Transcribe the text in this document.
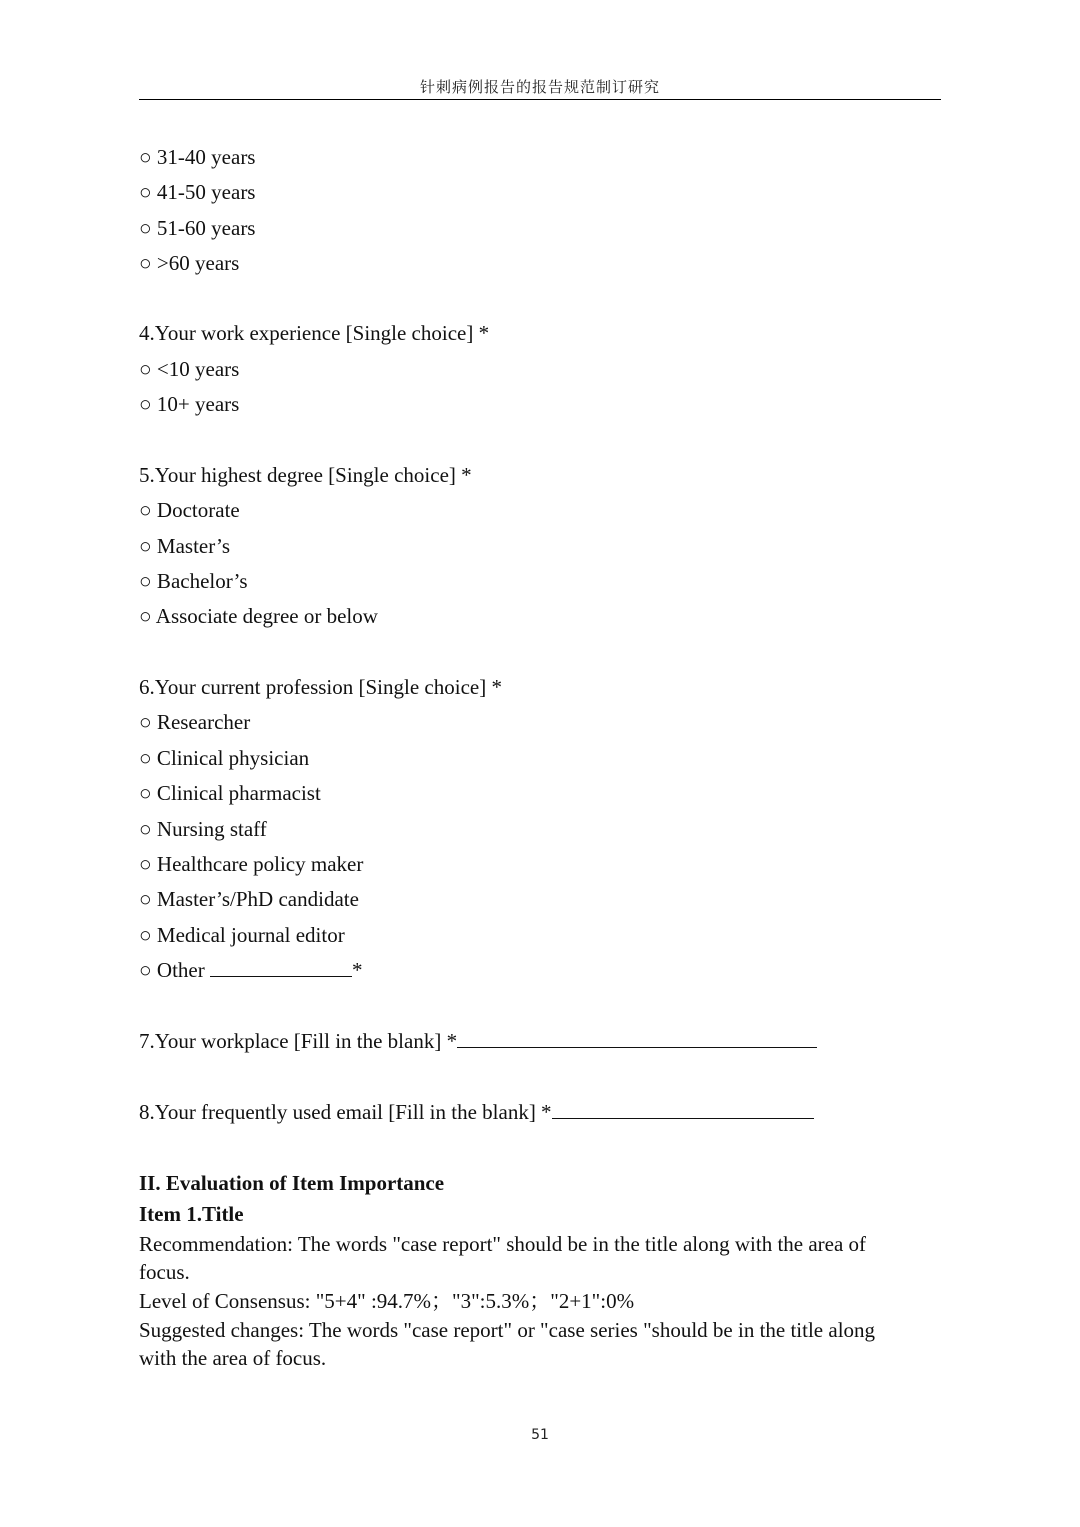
针刺病例报告的报告规范制订研究
○ 31-40 years
○ 41-50 years
○ 51-60 years
○ >60 years
4.Your work experience [Single choice] *
○ <10 years
○ 10+ years
5.Your highest degree [Single choice] *
○ Doctorate
○ Master’s
○ Bachelor’s
○ Associate degree or below
6.Your current profession [Single choice] *
○ Researcher
○ Clinical physician
○ Clinical pharmacist
○ Nursing staff
○ Healthcare policy maker
○ Master’s/PhD candidate
○ Medical journal editor
○ Other	*
7.Your workplace [Fill in the blank] *
8.Your frequently used email [Fill in the blank] *
II. Evaluation of Item Importance
Item 1.Title
Recommendation: The words "case report" should be in the title along with the area of
focus.
Level of Consensus: "5+4" :94.7%；"3":5.3%；"2+1":0%
Suggested changes: The words "case report" or "case series "should be in the title along
with the area of focus.
51
